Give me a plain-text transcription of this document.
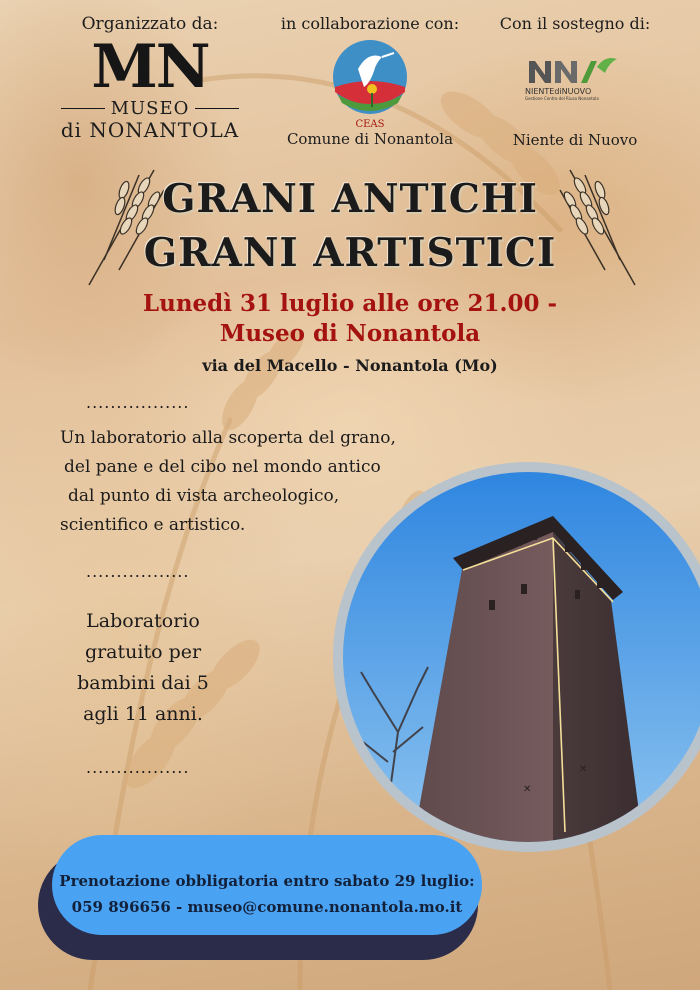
Organizzato da:
MN
MUSEO
di NONANTOLA
in collaborazione con:
CEAS
Comune di Nonantola
Con il sostegno di:
NIENTEdiNUOVO
Gestione Centro del Riuso Nonantola
Niente di Nuovo
GRANI ANTICHI
GRANI ARTISTICI
Lunedì 31 luglio alle ore 21.00 -
Museo di Nonantola
via del Macello - Nonantola (Mo)
.................
Un laboratorio alla scoperta del grano,
del pane e del cibo nel mondo antico
dal punto di vista archeologico,
scientifico e artistico.
.................
Laboratorio
gratuito per
bambini dai 5
agli 11 anni.
.................
✕
✕
Prenotazione obbligatoria entro sabato 29 luglio:
059 896656 - museo@comune.nonantola.mo.it
